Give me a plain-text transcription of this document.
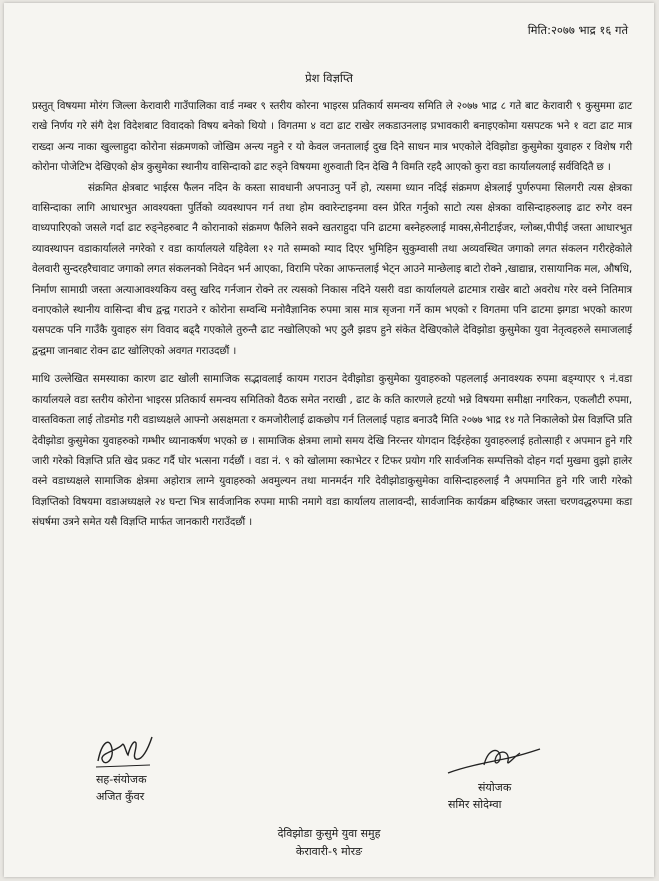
मिति:२०७७ भाद्र १६ गते
प्रेश विज्ञप्ति

प्रस्तुत् विषयमा मोरंग जिल्ला केरावारी गाउँपालिका वार्ड नम्बर ९ स्तरीय कोरना भाइरस प्रतिकार्य समन्वय समिति ले २०७७ भाद्र ८ गते बाट केरावारी ९ कुसुममा ढाट राखे निर्णय गरे संगै देश विदेशबाट विवादको विषय बनेको थियो । विगतमा ४ वटा ढाट राखेर लकडाउनलाइ प्रभावकारी बनाइएकोमा यसपटक भने १ वटा ढाट मात्र राख्दा अन्य नाका खुल्लाहुदा कोरोना संक्रमणको जोखिम अन्त्य नहुने र यो केवल जनतालाई दुख दिने साधन मात्र भएकोले देविझोडा कुसुमेका युवाहरु र विशेष गरी कोरोना पोजेटिभ देखिएको क्षेत्र कुसुमेका स्थानीय वासिन्दाको ढाट रुड्ने विषयमा शुरुवाती दिन देखि नै विमति रहदै आएको कुरा वडा कार्यालयलाई सर्वविदितै छ ।

संक्रमित क्षेत्रबाट भाईरस फैलन नदिन के कस्ता सावधानी अपनाउनु पर्ने हो, त्यसमा ध्यान नदिई संक्रमण क्षेत्रलाई पुर्णरुपमा सिलगरी त्यस क्षेत्रका वासिन्दाका लागि आधारभुत आवश्यक्ता पुर्तिको व्यवस्थापन गर्न तथा होम क्वारेन्टाइनमा वस्न प्रेरित गर्नुको साटो त्यस क्षेत्रका वासिन्दाहरुलाइ ढाट रुगेर वस्न वाध्यपारिएको जसले गर्दा ढाट रुङ्नेहरुबाट नै कोरानाको संक्रमण फैलिने सक्ने खतराहुदा पनि ढाटमा बस्नेहरुलाई माक्स,सेनीटाईजर, ग्लोब्स,पीपीई जस्ता आधारभुत व्यावस्थापन वडाकार्यालले नगरेको र वडा कार्यालयले यहिवेला १२ गते सम्मको म्याद दिएर भुमिहिन सुकुम्वासी तथा अव्यवस्थित जगाको लगत संकलन गरीरहेकोले वेलवारी सुन्दरहरैचावाट जगाको लगत संकलनको निवेदन भर्न आएका, विरामि परेका आफन्तलाई भेट्न आउने मान्छेलाइ बाटो रोक्ने ,खाद्यान्न, रासायानिक मल, औषधि, निर्माण सामाग्री जस्ता अत्याआवश्यकिय वस्तु खरिद गर्नजान रोक्ने तर त्यसको निकास नदिने यसरी वडा कार्यालयले ढाटमात्र राखेर बाटो अवरोध गरेर वस्ने नितिमात्र वनाएकोले स्थानीय वासिन्दा बीच द्वन्द्व गराउने र कोरोना सम्वन्धि मनोवैज्ञानिक रुपमा त्रास मात्र सृजना गर्ने काम भएको र विगतमा पनि ढाटमा झगडा भएको कारण यसपटक पनि गाउँकै युवाहरु संग विवाद बढ्दै गएकोले तुरुन्तै ढाट नखोलिएको भए ठुलै झडप हुने संकेत देखिएकोले देविझोडा कुसुमेका युवा नेतृत्वहरुले समाजलाई द्वन्द्वमा जानबाट रोक्न ढाट खोलिएको अवगत गराउदछौं ।

माथि उल्लेखित समस्याका कारण ढाट खोली सामाजिक सद्भावलाई कायम गराउन देवीझोडा कुसुमेका युवाहरुको पहललाई अनावश्यक रुपमा बङ्ग्याएर ९ नं.वडा कार्यालयले वडा स्तरीय कोरोना भाइरस प्रतिकार्य समन्वय समितिको वैठक समेत नराखी , ढाट के कति कारणले हटयो भन्ने विषयमा समीक्षा नगरिकन, एकलौटी रुपमा, वास्तविकता लाई तोडमोड गरी वडाध्यक्षले आफ्नो असक्षमता र कमजोरीलाई ढाकछोप गर्न तिललाई पहाड बनाउदै मिति २०७७ भाद्र १४ गते निकालेको प्रेस विज्ञप्ति प्रति देवीझोडा कुसुमेका युवाहरुको गम्भीर ध्यानाकर्षण भएको छ । सामाजिक क्षेत्रमा लामो समय देखि निरन्तर योगदान दिईरहेका युवाहरुलाई हतोत्साही र अपमान हुने गरि जारी गरेको विज्ञप्ति प्रति खेद प्रकट गर्दै घोर भत्सना गर्दछौं । वडा नं. ९ को खोलामा स्काभेटर र टिफर प्रयोग गरि सार्वजनिक सम्पत्तिको दोहन गर्दा मुखमा वुझो हालेर वस्ने वडाध्यक्षले सामाजिक क्षेत्रमा अहोरात्र लाग्ने युवाहरुको अवमुल्यन तथा मानमर्दन गरि देवीझोडाकुसुमेका वासिन्दाहरुलाई नै अपमानित हुने गरि जारी गरेको विज्ञप्तिको विषयमा वडाअध्यक्षले २४ घन्टा भित्र सार्वजानिक रुपमा माफी नमागे वडा कार्यालय तालावन्दी, सार्वजानिक कार्यक्रम बहिष्कार जस्ता चरणवद्धरुपमा कडा संघर्षमा उत्रने समेत यसै विज्ञप्ति मार्फत जानकारी गराउँदछौं ।

सह-संयोजक
अजित कुँवर
संयोजक
समिर सोदेम्वा
देविझोडा कुसुमे युवा समुह
केरावारी-९ मोरङ
